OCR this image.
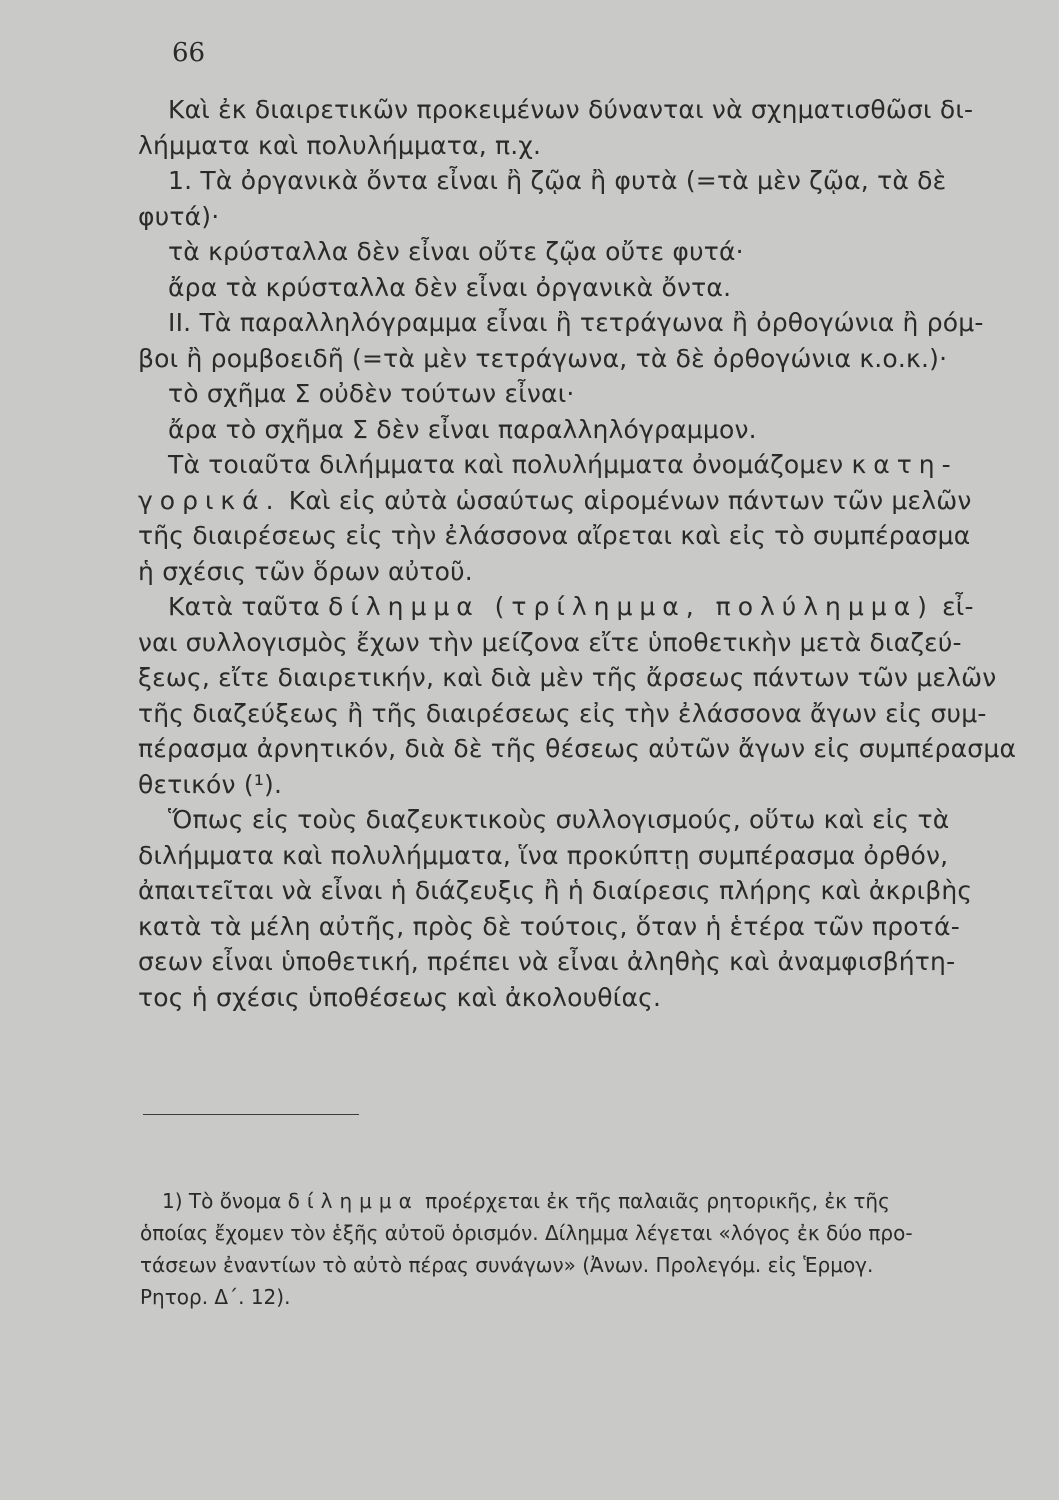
66
Καὶ ἐκ διαιρετικῶν προκειμένων δύνανται νὰ σχηματισθῶσι δι-
λήμματα καὶ πολυλήμματα, π.χ.
1. Τὰ ὀργανικὰ ὄντα εἶναι ἢ ζῷα ἢ φυτὰ (=τὰ μὲν ζῷα, τὰ δὲ
φυτά)·
τὰ κρύσταλλα δὲν εἶναι οὔτε ζῷα οὔτε φυτά·
ἄρα τὰ κρύσταλλα δὲν εἶναι ὀργανικὰ ὄντα.
II. Τὰ παραλληλόγραμμα εἶναι ἢ τετράγωνα ἢ ὀρθογώνια ἢ ρόμ-
βοι ἢ ρομβοειδῆ (=τὰ μὲν τετράγωνα, τὰ δὲ ὀρθογώνια κ.ο.κ.)·
τὸ σχῆμα Σ οὐδὲν τούτων εἶναι·
ἄρα τὸ σχῆμα Σ δὲν εἶναι παραλληλόγραμμον.
Τὰ τοιαῦτα διλήμματα καὶ πολυλήμματα ὀνομάζομεν κατη-
γορικά. Καὶ εἰς αὐτὰ ὡσαύτως αἱρομένων πάντων τῶν μελῶν
τῆς διαιρέσεως εἰς τὴν ἐλάσσονα αἴρεται καὶ εἰς τὸ συμπέρασμα
ἡ σχέσις τῶν ὅρων αὐτοῦ.
Κατὰ ταῦτα δίλημμα (τρίλημμα, πολύλημμα) εἶ-
ναι συλλογισμὸς ἔχων τὴν μείζονα εἴτε ὑποθετικὴν μετὰ διαζεύ-
ξεως, εἴτε διαιρετικήν, καὶ διὰ μὲν τῆς ἄρσεως πάντων τῶν μελῶν
τῆς διαζεύξεως ἢ τῆς διαιρέσεως εἰς τὴν ἐλάσσονα ἄγων εἰς συμ-
πέρασμα ἀρνητικόν, διὰ δὲ τῆς θέσεως αὐτῶν ἄγων εἰς συμπέρασμα
θετικόν (¹).
Ὅπως εἰς τοὺς διαζευκτικοὺς συλλογισμούς, οὕτω καὶ εἰς τὰ
διλήμματα καὶ πολυλήμματα, ἵνα προκύπτῃ συμπέρασμα ὀρθόν,
ἀπαιτεῖται νὰ εἶναι ἡ διάζευξις ἢ ἡ διαίρεσις πλήρης καὶ ἀκριβὴς
κατὰ τὰ μέλη αὐτῆς, πρὸς δὲ τούτοις, ὅταν ἡ ἑτέρα τῶν προτά-
σεων εἶναι ὑποθετική, πρέπει νὰ εἶναι ἀληθὴς καὶ ἀναμφισβήτη-
τος ἡ σχέσις ὑποθέσεως καὶ ἀκολουθίας.
1) Τὸ ὄνομα δίλημμα προέρχεται ἐκ τῆς παλαιᾶς ρητορικῆς, ἐκ τῆς
ὁποίας ἔχομεν τὸν ἑξῆς αὐτοῦ ὁρισμόν. Δίλημμα λέγεται «λόγος ἐκ δύο προ-
τάσεων ἐναντίων τὸ αὐτὸ πέρας συνάγων» (Ἀνων. Προλεγόμ. εἰς Ἑρμογ.
Ρητορ. Δ΄. 12).
